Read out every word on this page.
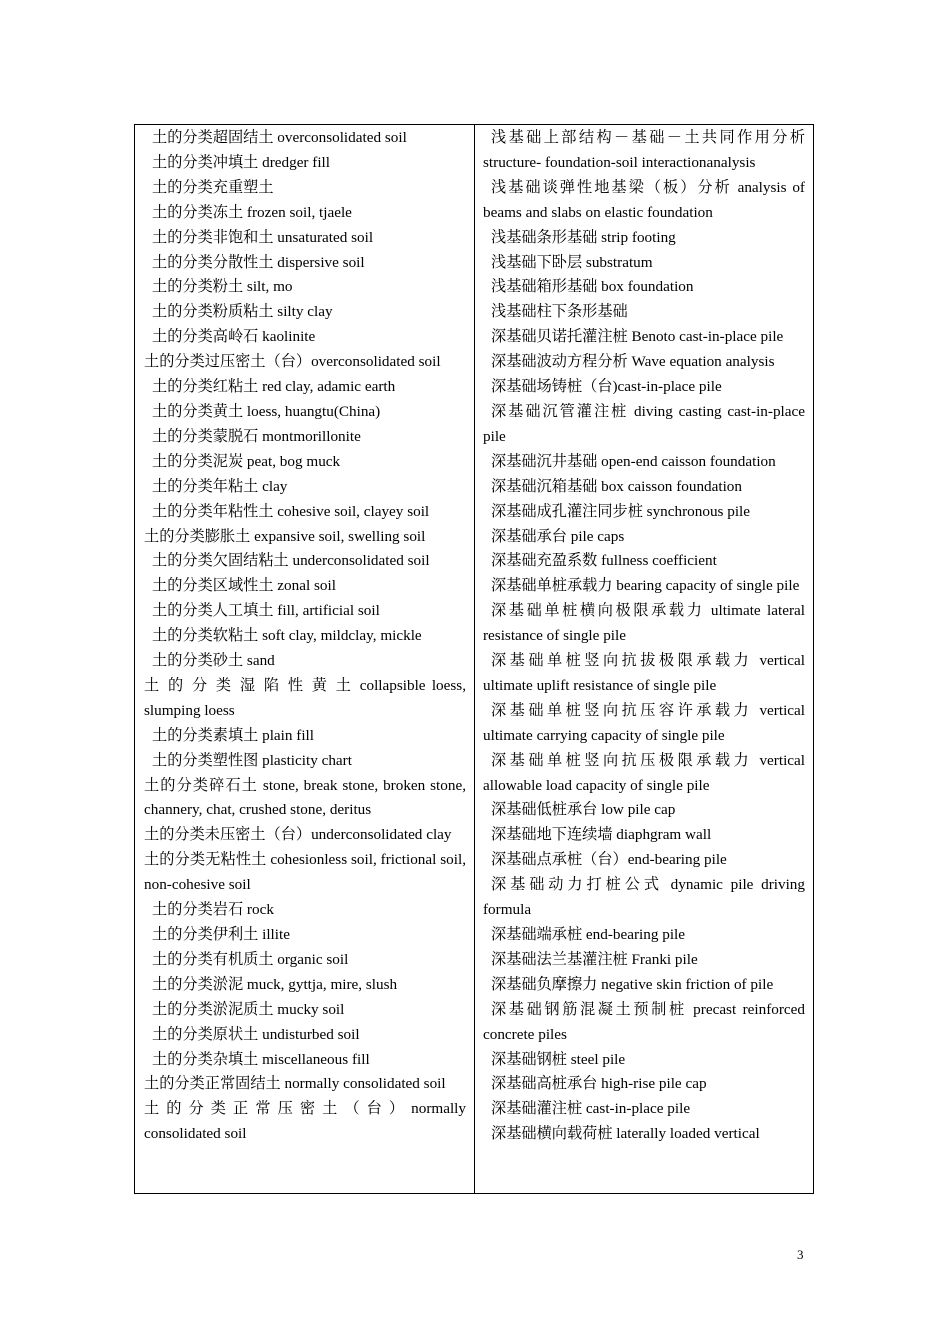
土的分类超固结土 overconsolidated soil
土的分类冲填土 dredger fill
土的分类充重塑土
土的分类冻土 frozen soil, tjaele
土的分类非饱和土 unsaturated soil
土的分类分散性土 dispersive soil
土的分类粉土 silt, mo
土的分类粉质粘土 silty clay
土的分类高岭石 kaolinite
土的分类过压密土（台）overconsolidated soil
土的分类红粘土 red clay, adamic earth
土的分类黄土 loess, huangtu(China)
土的分类蒙脱石 montmorillonite
土的分类泥炭 peat, bog muck
土的分类年粘土 clay
土的分类年粘性土 cohesive soil, clayey soil
土的分类膨胀土 expansive soil, swelling soil
土的分类欠固结粘土 underconsolidated soil
土的分类区域性土 zonal soil
土的分类人工填土 fill, artificial soil
土的分类软粘土 soft clay, mildclay, mickle
土的分类砂土 sand
土 的 分 类 湿 陷 性 黄 土 collapsible loess, slumping loess
土的分类素填土 plain fill
土的分类塑性图 plasticity chart
土的分类碎石土 stone, break stone, broken stone, channery, chat, crushed stone, deritus
土的分类未压密土（台）underconsolidated clay
土的分类无粘性土 cohesionless soil, frictional soil, non-cohesive soil
土的分类岩石 rock
土的分类伊利土 illite
土的分类有机质土 organic soil
土的分类淤泥 muck, gyttja, mire, slush
土的分类淤泥质土 mucky soil
土的分类原状土 undisturbed soil
土的分类杂填土 miscellaneous fill
土的分类正常固结土 normally consolidated soil
土 的 分 类 正 常 压 密 土 （ 台 ） normally consolidated soil
浅基础上部结构－基础－土共同作用分析 structure- foundation-soil interactionanalysis
浅基础谈弹性地基梁（板）分析 analysis of beams and slabs on elastic foundation
浅基础条形基础 strip footing
浅基础下卧层 substratum
浅基础箱形基础 box foundation
浅基础柱下条形基础
深基础贝诺托灌注桩 Benoto cast-in-place pile
深基础波动方程分析 Wave equation analysis
深基础场铸桩（台)cast-in-place pile
深基础沉管灌注桩 diving casting cast-in-place pile
深基础沉井基础 open-end caisson foundation
深基础沉箱基础 box caisson foundation
深基础成孔灌注同步桩 synchronous pile
深基础承台 pile caps
深基础充盈系数 fullness coefficient
深基础单桩承载力 bearing capacity of single pile
深基础单桩横向极限承载力 ultimate lateral resistance of single pile
深基础单桩竖向抗拔极限承载力 vertical ultimate uplift resistance of single pile
深基础单桩竖向抗压容许承载力 vertical ultimate carrying capacity of single pile
深基础单桩竖向抗压极限承载力 vertical allowable load capacity of single pile
深基础低桩承台 low pile cap
深基础地下连续墙 diaphgram wall
深基础点承桩（台）end-bearing pile
深基础动力打桩公式 dynamic pile driving formula
深基础端承桩 end-bearing pile
深基础法兰基灌注桩 Franki pile
深基础负摩擦力 negative skin friction of pile
深基础钢筋混凝土预制桩 precast reinforced concrete piles
深基础钢桩 steel pile
深基础高桩承台 high-rise pile cap
深基础灌注桩 cast-in-place pile
深基础横向载荷桩 laterally loaded vertical
3
